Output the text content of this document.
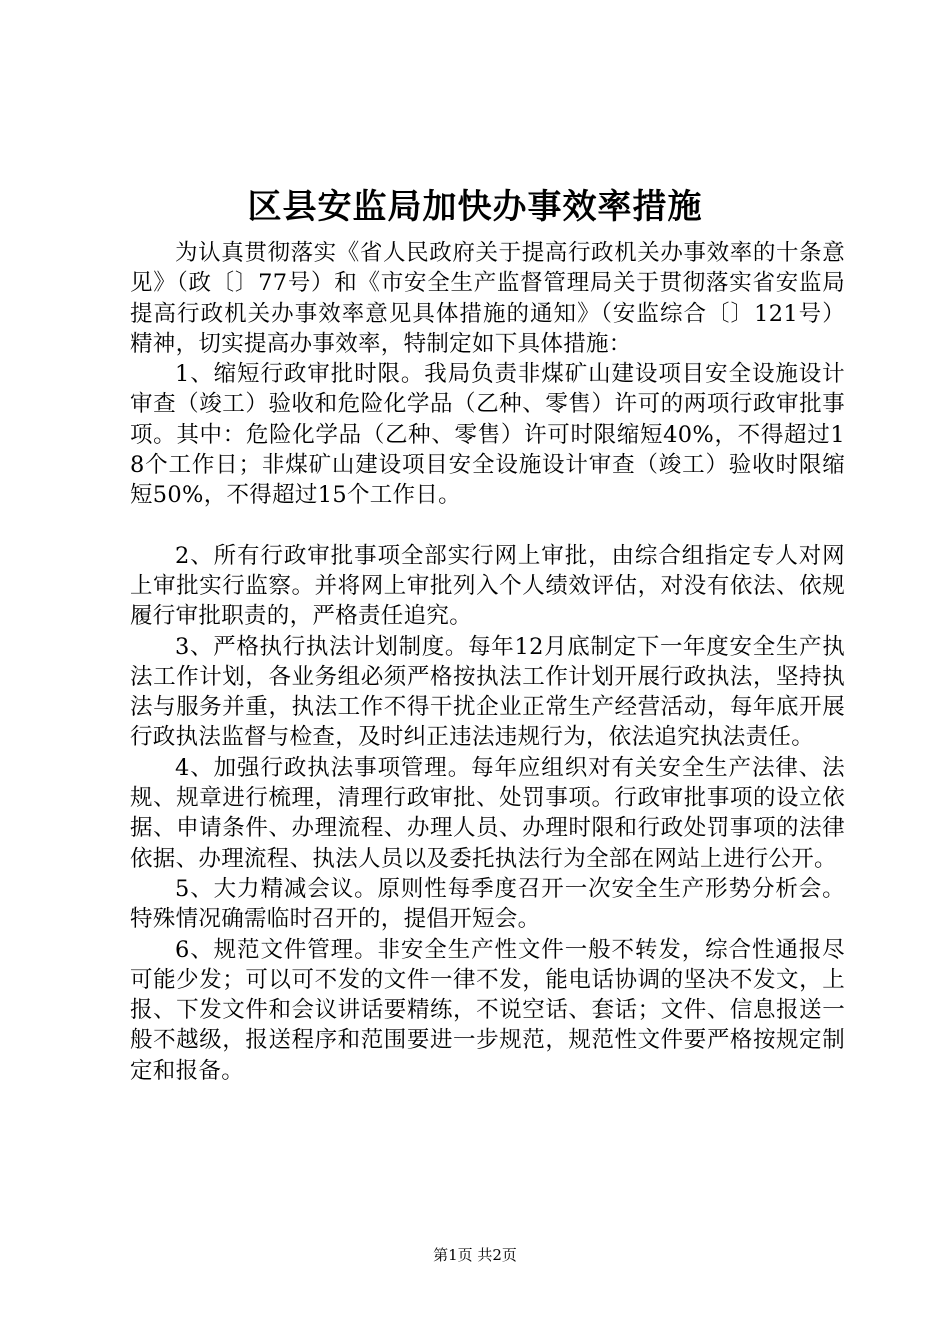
区县安监局加快办事效率措施

为认真贯彻落实《省人民政府关于提高行政机关办事效率的十条意见》（政〔〕77号）和《市安全生产监督管理局关于贯彻落实省安监局提高行政机关办事效率意见具体措施的通知》（安监综合〔〕121号）精神，切实提高办事效率，特制定如下具体措施：

1、缩短行政审批时限。我局负责非煤矿山建设项目安全设施设计审查（竣工）验收和危险化学品（乙种、零售）许可的两项行政审批事项。其中：危险化学品（乙种、零售）许可时限缩短40%，不得超过18个工作日；非煤矿山建设项目安全设施设计审查（竣工）验收时限缩短50%，不得超过15个工作日。

2、所有行政审批事项全部实行网上审批，由综合组指定专人对网上审批实行监察。并将网上审批列入个人绩效评估，对没有依法、依规履行审批职责的，严格责任追究。

3、严格执行执法计划制度。每年12月底制定下一年度安全生产执法工作计划，各业务组必须严格按执法工作计划开展行政执法，坚持执法与服务并重，执法工作不得干扰企业正常生产经营活动，每年底开展行政执法监督与检查，及时纠正违法违规行为，依法追究执法责任。

4、加强行政执法事项管理。每年应组织对有关安全生产法律、法规、规章进行梳理，清理行政审批、处罚事项。行政审批事项的设立依据、申请条件、办理流程、办理人员、办理时限和行政处罚事项的法律依据、办理流程、执法人员以及委托执法行为全部在网站上进行公开。

5、大力精减会议。原则性每季度召开一次安全生产形势分析会。特殊情况确需临时召开的，提倡开短会。

6、规范文件管理。非安全生产性文件一般不转发，综合性通报尽可能少发；可以可不发的文件一律不发，能电话协调的坚决不发文，上报、下发文件和会议讲话要精练，不说空话、套话；文件、信息报送一般不越级，报送程序和范围要进一步规范，规范性文件要严格按规定制定和报备。

第1页 共2页
